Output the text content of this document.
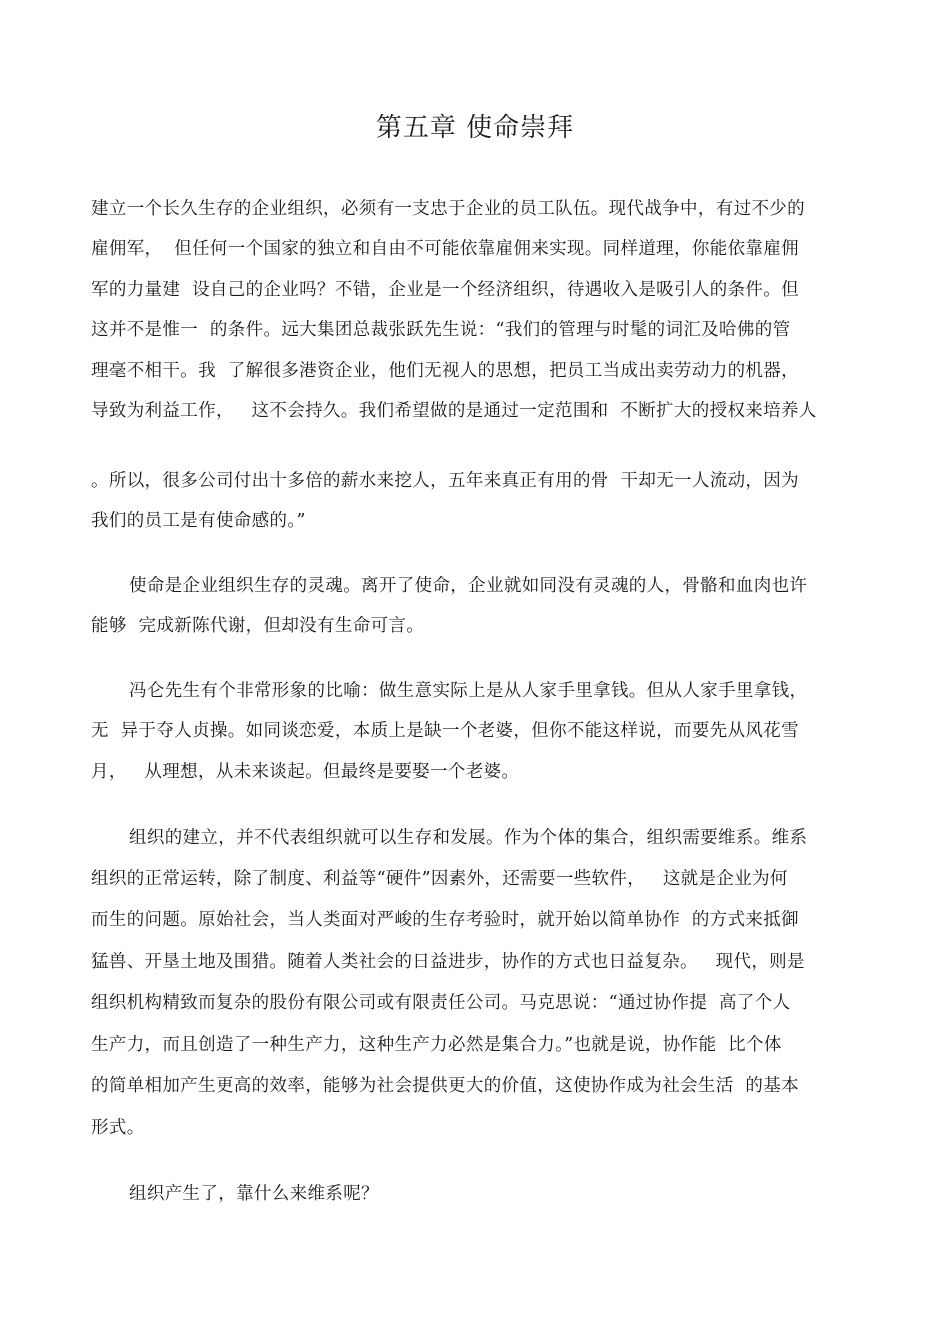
第五章 使命崇拜
建立一个长久生存的企业组织，必须有一支忠于企业的员工队伍。现代战争中，有过不少的
雇佣军，  但任何一个国家的独立和自由不可能依靠雇佣来实现。同样道理，你能依靠雇佣
军的力量建  设自己的企业吗？不错，企业是一个经济组织，待遇收入是吸引人的条件。但
这并不是惟一  的条件。远大集团总裁张跃先生说：“我们的管理与时髦的词汇及哈佛的管
理毫不相干。我  了解很多港资企业，他们无视人的思想，把员工当成出卖劳动力的机器，
导致为利益工作，   这不会持久。我们希望做的是通过一定范围和  不断扩大的授权来培养人
。所以，很多公司付出十多倍的薪水来挖人，五年来真正有用的骨  干却无一人流动，因为
我们的员工是有使命感的。”
使命是企业组织生存的灵魂。离开了使命，企业就如同没有灵魂的人，骨骼和血肉也许
能够  完成新陈代谢，但却没有生命可言。
冯仑先生有个非常形象的比喻：做生意实际上是从人家手里拿钱。但从人家手里拿钱，
无  异于夺人贞操。如同谈恋爱，本质上是缺一个老婆，但你不能这样说，而要先从风花雪
月，   从理想，从未来谈起。但最终是要娶一个老婆。
组织的建立，并不代表组织就可以生存和发展。作为个体的集合，组织需要维系。维系
组织的正常运转，除了制度、利益等“硬件”因素外，还需要一些软件，   这就是企业为何
而生的问题。原始社会，当人类面对严峻的生存考验时，就开始以简单协作  的方式来抵御
猛兽、开垦土地及围猎。随着人类社会的日益进步，协作的方式也日益复杂。   现代，则是
组织机构精致而复杂的股份有限公司或有限责任公司。马克思说：“通过协作提  高了个人
生产力，而且创造了一种生产力，这种生产力必然是集合力。”也就是说，协作能  比个体
的简单相加产生更高的效率，能够为社会提供更大的价值，这使协作成为社会生活  的基本
形式。
组织产生了，靠什么来维系呢？
